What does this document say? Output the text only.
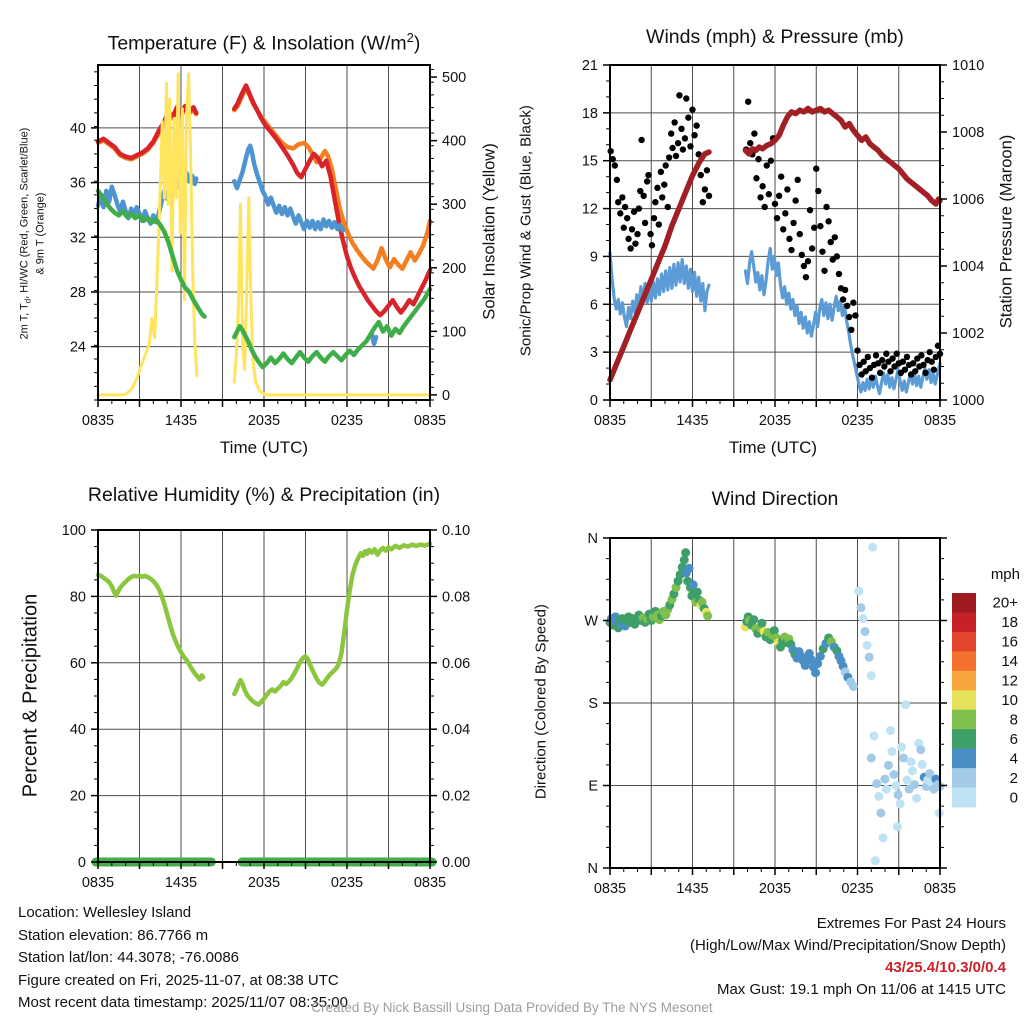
0835	1435	2035	0235	0835
24
28
32
36
40
0
100
200
300
400
500
0835	1435	2035	0235	0835
0
3
6
9
12
15
18
21
1000
1002
1004
1006
1008
1010
0835	1435	2035	0235	0835
0
20
40
60
80
100
0.00
0.02
0.04
0.06
0.08
0.10
0835	1435	2035	0235	0835
N
E
S
W
N
20+
18
16
14
12
10
8
6
4
2
0
Temperature (F) & Insolation $(W/m^2)$	Winds (mph) & Pressure (mb)
Relative Humidity (%) & Precipitation (in)	Wind Direction
Time (UTC)	Time (UTC)
2m T, $T_d$, HI/WC (Red, Green, Scarlet/Blue) & 9m T (Orange)	Solar Insolation (Yellow) Sonic/Prop Wind & Gust (Blue, Black)	Station Pressure (Maroon)
Percent & Precipitation	Direction (Colored By Speed)
mph
Location: Wellesley Island
Station elevation: 86.7766 m
Station lat/lon: 44.3078; -76.0086
Figure created on Fri, 2025-11-07, at 08:38 UTC
Most recent data timestamp: 2025/11/07 08:35:00
Extremes For Past 24 Hours
(High/Low/Max Wind/Precipitation/Snow Depth)
43/25.4/10.3/0/0.4
Max Gust: 19.1 mph On 11/06 at 1415 UTC
Created By Nick Bassill Using Data Provided By The NYS Mesonet
